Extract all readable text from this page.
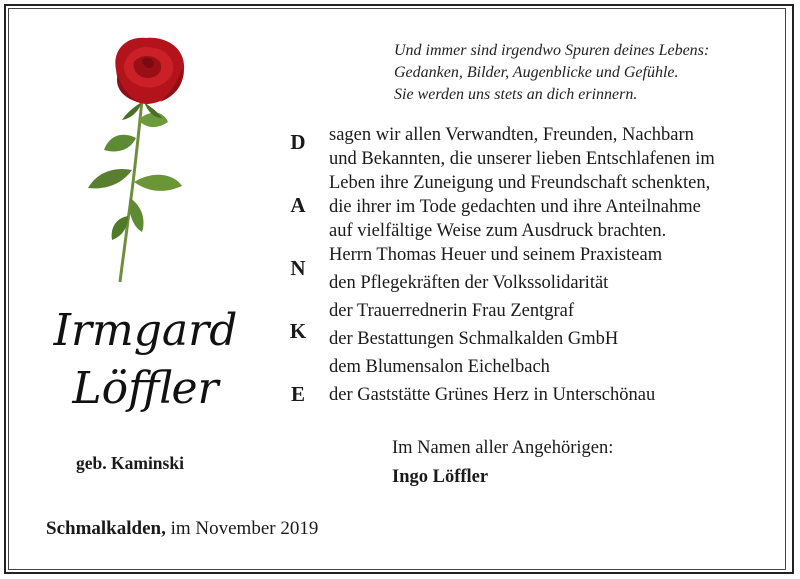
Und immer sind irgendwo Spuren deines Lebens:
Gedanken, Bilder, Augenblicke und Gefühle.
Sie werden uns stets an dich erinnern.
D
A
N
K
E
sagen wir allen Verwandten, Freunden, Nachbarn
und Bekannten, die unserer lieben Entschlafenen im
Leben ihre Zuneigung und Freundschaft schenkten,
die ihrer im Tode gedachten und ihre Anteilnahme
auf vielfältige Weise zum Ausdruck brachten.
Herrn Thomas Heuer und seinem Praxisteam
den Pflegekräften der Volkssolidarität
der Trauerrednerin Frau Zentgraf
der Bestattungen Schmalkalden GmbH
dem Blumensalon Eichelbach
der Gaststätte Grünes Herz in Unterschönau
Im Namen aller Angehörigen:
Ingo Löffler
Irmgard
Löffler
geb. Kaminski
Schmalkalden, im November 2019
